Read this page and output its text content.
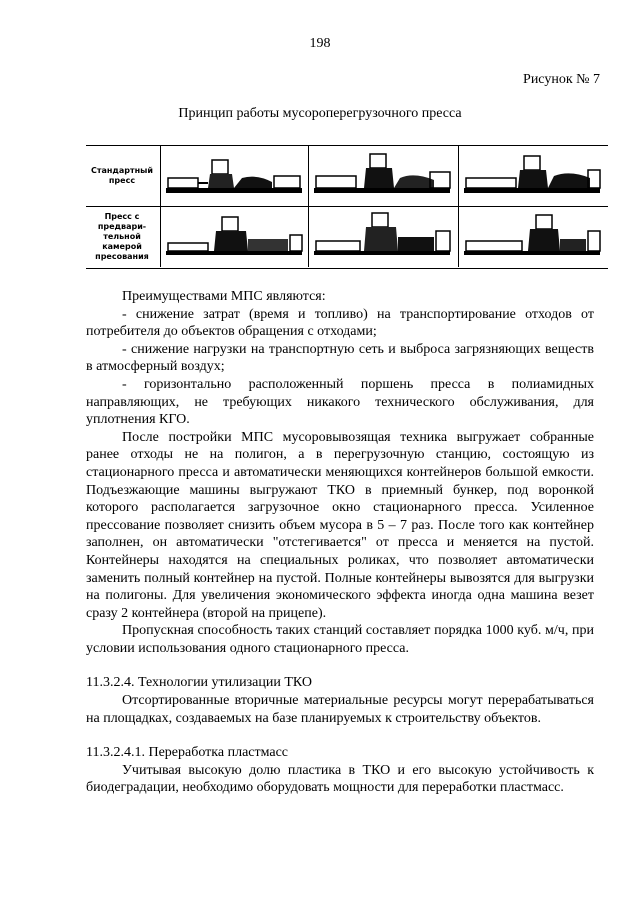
198
Рисунок № 7
Принцип работы мусороперегрузочного пресса
Стандартный
пресс
Пресс с
предвари-
тельной
камерой
пресования

Преимуществами МПС являются:

- снижение затрат (время и топливо) на транспортирование отходов от потребителя до объектов обращения с отходами;

- снижение нагрузки на транспортную сеть и выброса загрязняющих веществ в атмосферный воздух;

- горизонтально расположенный поршень пресса в полиамидных направляющих, не требующих никакого технического обслуживания, для уплотнения КГО.

После постройки МПС мусоровывозящая техника выгружает собранные ранее отходы не на полигон, а в перегрузочную станцию, состоящую из стационарного пресса и автоматически меняющихся контейнеров большой емкости. Подъезжающие машины выгружают ТКО в приемный бункер, под воронкой которого располагается загрузочное окно стационарного пресса. Усиленное прессование позволяет снизить объем мусора в 5 – 7 раз. После того как контейнер заполнен, он автоматически "отстегивается" от пресса и меняется на пустой. Контейнеры находятся на специальных роликах, что позволяет автоматически заменить полный контейнер на пустой. Полные контейнеры вывозятся для выгрузки на полигоны. Для увеличения экономического эффекта иногда одна машина везет сразу 2 контейнера (второй на прицепе).

Пропускная способность таких станций составляет порядка 1000 куб. м/ч, при условии использования одного стационарного пресса.

11.3.2.4. Технологии утилизации ТКО

Отсортированные вторичные материальные ресурсы могут перерабатываться на площадках, создаваемых на базе планируемых к строительству объектов.

11.3.2.4.1. Переработка пластмасс

Учитывая высокую долю пластика в ТКО и его высокую устойчивость к биодеградации, необходимо оборудовать мощности для переработки пластмасс.
